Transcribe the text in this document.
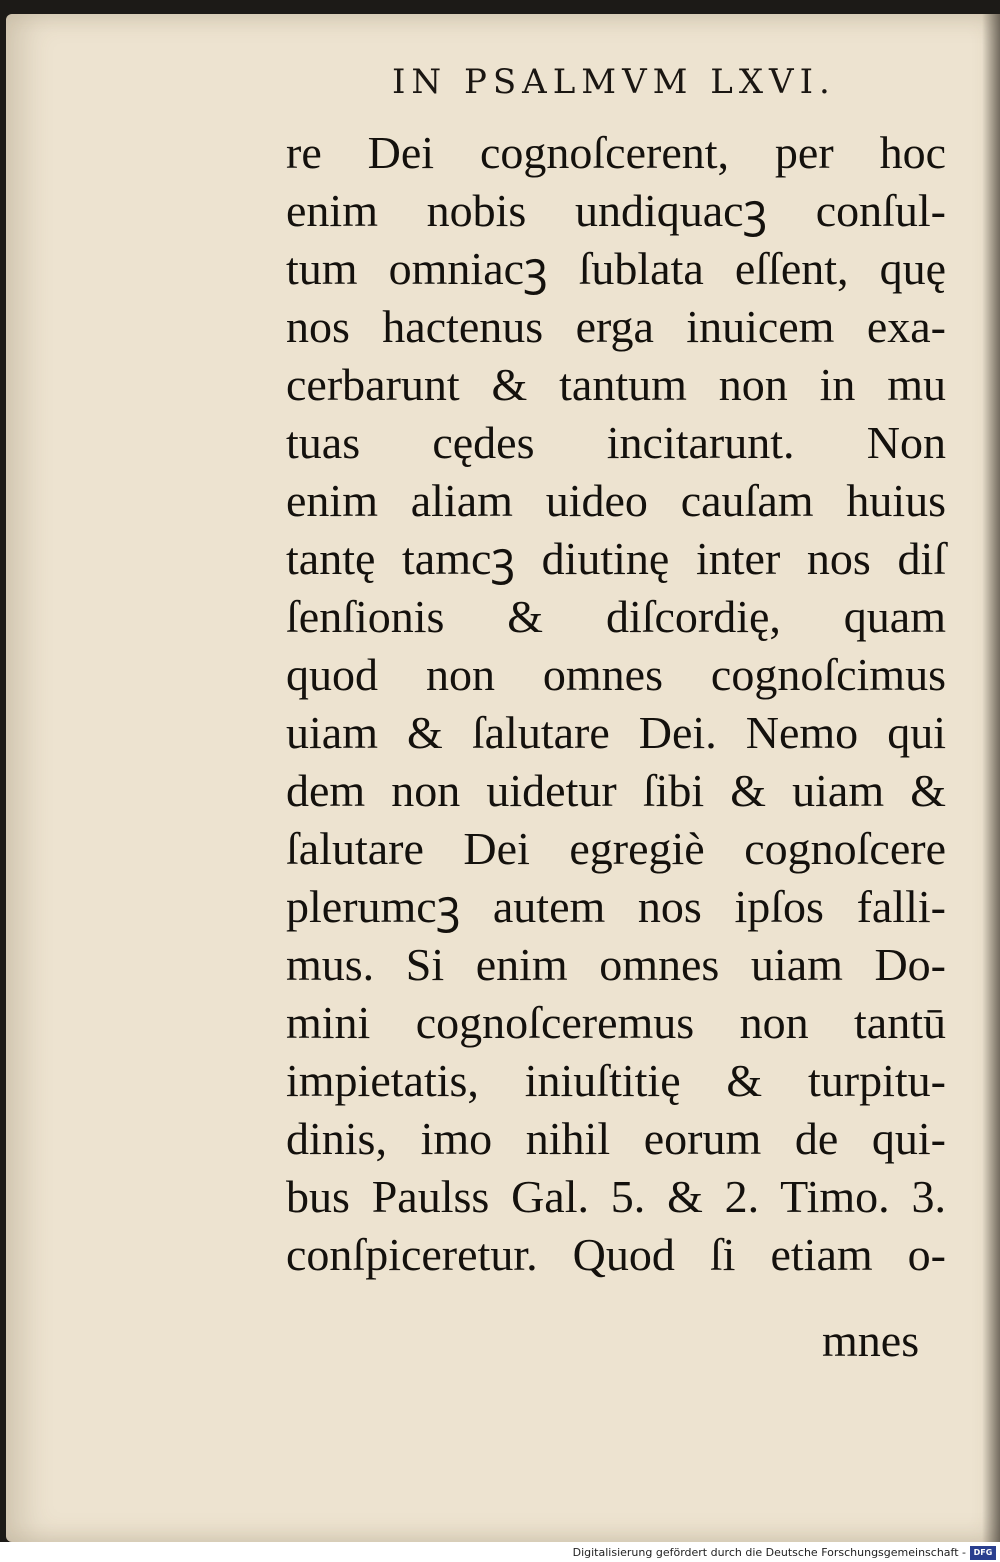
IN PSALMVM LXVI.
re Dei cognoſcerent, per hoc
enim nobis undiquacꝫ conſul-
tum omniacꝫ ſublata eſſent, quę
nos hactenus erga inuicem exa-
cerbarunt & tantum non in mu
tuas cędes incitarunt. Non
enim aliam uideo cauſam huius
tantę tamcꝫ diutinę inter nos diſ
ſenſionis & diſcordię, quam
quod non omnes cognoſcimus
uiam & ſalutare Dei. Nemo qui
dem non uidetur ſibi & uiam &
ſalutare Dei egregiè cognoſcere
plerumcꝫ autem nos ipſos falli-
mus. Si enim omnes uiam Do-
mini cognoſceremus non tantū
impietatis, iniuſtitię & turpitu-
dinis, imo nihil eorum de qui-
bus Paulss Gal. 5. & 2. Timo. 3.
conſpiceretur. Quod ſi etiam o-
mnes
Digitalisierung gefördert durch die Deutsche Forschungsgemeinschaft - DFG
